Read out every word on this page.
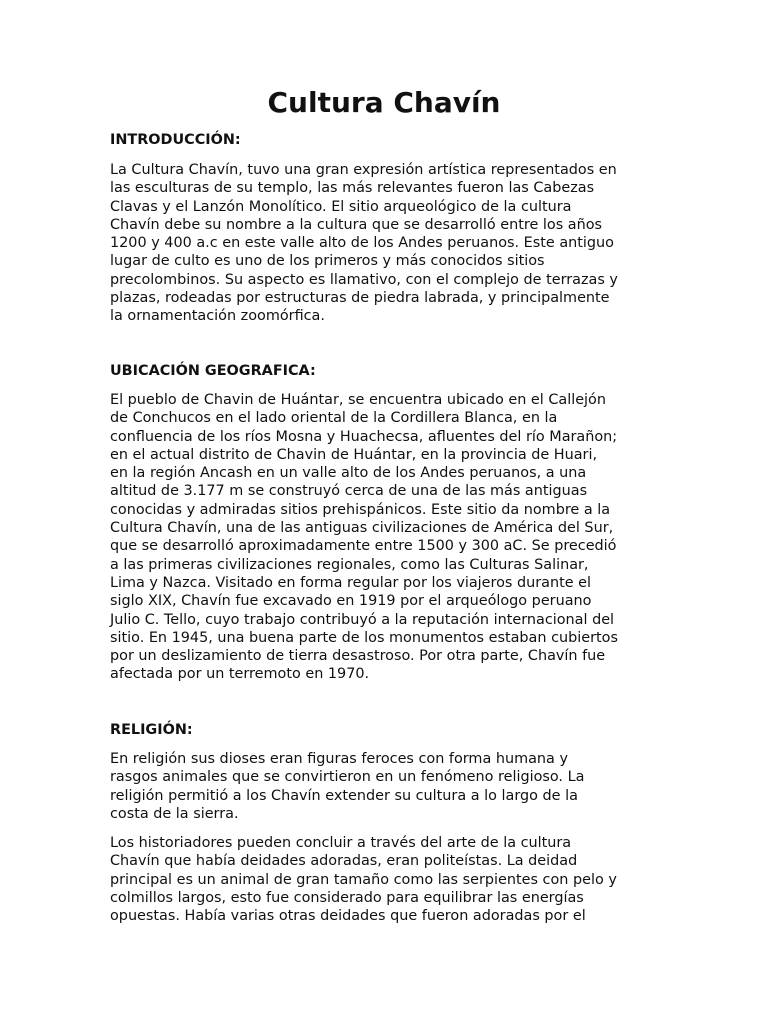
Cultura Chavín
INTRODUCCIÓN:

La Cultura Chavín, tuvo una gran expresión artística representados en
las esculturas de su templo, las más relevantes fueron las Cabezas
Clavas y el Lanzón Monolítico. El sitio arqueológico de la cultura
Chavín debe su nombre a la cultura que se desarrolló entre los años
1200 y 400 a.c en este valle alto de los Andes peruanos. Este antiguo
lugar de culto es uno de los primeros y más conocidos sitios
precolombinos. Su aspecto es llamativo, con el complejo de terrazas y
plazas, rodeadas por estructuras de piedra labrada, y principalmente
la ornamentación zoomórfica.

UBICACIÓN GEOGRAFICA:

El pueblo de Chavin de Huántar, se encuentra ubicado en el Callejón
de Conchucos en el lado oriental de la Cordillera Blanca, en la
confluencia de los ríos Mosna y Huachecsa, afluentes del río Marañon;
en el actual distrito de Chavin de Huántar, en la provincia de Huari,
en la región Ancash en un valle alto de los Andes peruanos, a una
altitud de 3.177 m se construyó cerca de una de las más antiguas
conocidas y admiradas sitios prehispánicos. Este sitio da nombre a la
Cultura Chavín, una de las antiguas civilizaciones de América del Sur,
que se desarrolló aproximadamente entre 1500 y 300 aC. Se precedió
a las primeras civilizaciones regionales, como las Culturas Salinar,
Lima y Nazca. Visitado en forma regular por los viajeros durante el
siglo XIX, Chavín fue excavado en 1919 por el arqueólogo peruano
Julio C. Tello, cuyo trabajo contribuyó a la reputación internacional del
sitio. En 1945, una buena parte de los monumentos estaban cubiertos
por un deslizamiento de tierra desastroso. Por otra parte, Chavín fue
afectada por un terremoto en 1970.

RELIGIÓN:

En religión sus dioses eran figuras feroces con forma humana y
rasgos animales que se convirtieron en un fenómeno religioso. La
religión permitió a los Chavín extender su cultura a lo largo de la
costa de la sierra.

Los historiadores pueden concluir a través del arte de la cultura
Chavín que había deidades adoradas, eran politeístas. La deidad
principal es un animal de gran tamaño como las serpientes con pelo y
colmillos largos, esto fue considerado para equilibrar las energías
opuestas. Había varias otras deidades que fueron adoradas por el
